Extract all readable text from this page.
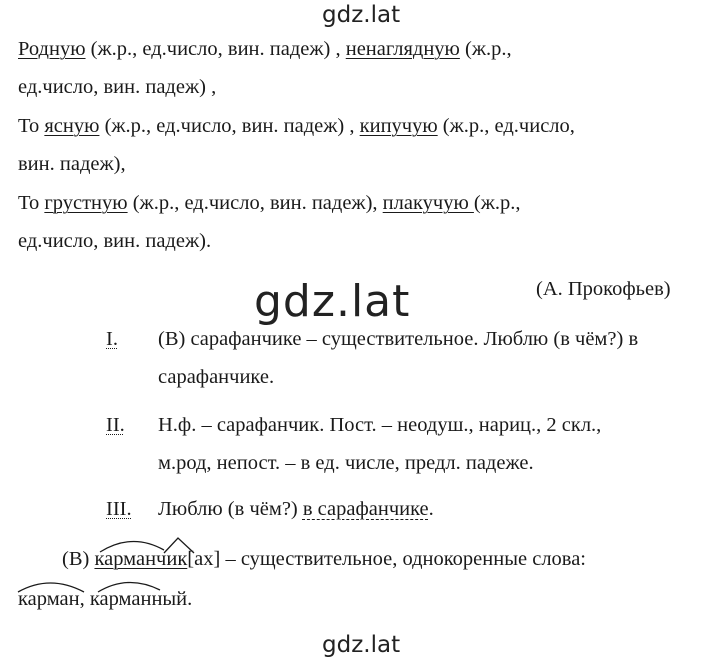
gdz.lat
Родную (ж.р., ед.число, вин. падеж) , ненаглядную (ж.р.,
ед.число, вин. падеж) ,
То ясную (ж.р., ед.число, вин. падеж) , кипучую (ж.р., ед.число,
вин. падеж),
То грустную (ж.р., ед.число, вин. падеж), плакучую (ж.р.,
ед.число, вин. падеж).
(А. Прокофьев)
gdz.lat
I. (В) сарафанчике – существительное. Люблю (в чём?) в
сарафанчике.
II. Н.ф. – сарафанчик. Пост. – неодуш., нариц., 2 скл.,
м.род, непост. – в ед. числе, предл. падеже.
III. Люблю (в чём?) в сарафанчике.
(В) карманчик[ах] – существительное, однокоренные слова:
карман, карманный.
gdz.lat
